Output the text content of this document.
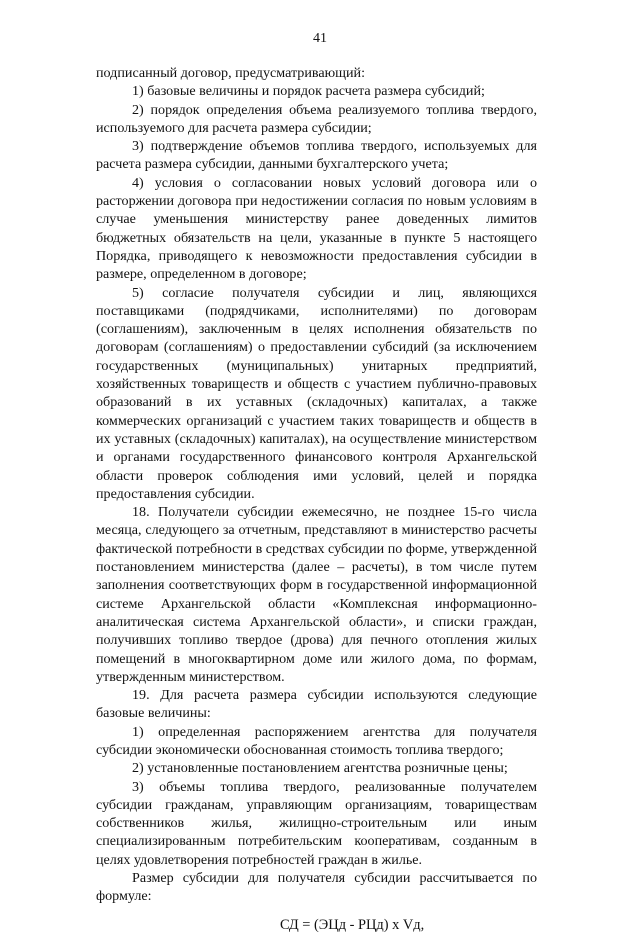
41

подписанный договор, предусматривающий:

1) базовые величины и порядок расчета размера субсидий;

2) порядок определения объема реализуемого топлива твердого, используемого для расчета размера субсидии;

3) подтверждение объемов топлива твердого, используемых для расчета размера субсидии, данными бухгалтерского учета;

4) условия о согласовании новых условий договора или о расторжении договора при недостижении согласия по новым условиям в случае уменьшения министерству ранее доведенных лимитов бюджетных обязательств на цели, указанные в пункте 5 настоящего Порядка, приводящего к невозможности предоставления субсидии в размере, определенном в договоре;

5) согласие получателя субсидии и лиц, являющихся поставщиками (подрядчиками, исполнителями) по договорам (соглашениям), заключенным в целях исполнения обязательств по договорам (соглашениям) о предоставлении субсидий (за исключением государственных (муниципальных) унитарных предприятий, хозяйственных товариществ и обществ с участием публично-правовых образований в их уставных (складочных) капиталах, а также коммерческих организаций с участием таких товариществ и обществ в их уставных (складочных) капиталах), на осуществление министерством и органами государственного финансового контроля Архангельской области проверок соблюдения ими условий, целей и порядка предоставления субсидии.

18. Получатели субсидии ежемесячно, не позднее 15-го числа месяца, следующего за отчетным, представляют в министерство расчеты фактической потребности в средствах субсидии по форме, утвержденной постановлением министерства (далее – расчеты), в том числе путем заполнения соответствующих форм в государственной информационной системе Архангельской области «Комплексная информационно-аналитическая система Архангельской области», и списки граждан, получивших топливо твердое (дрова) для печного отопления жилых помещений в многоквартирном доме или жилого дома, по формам, утвержденным министерством.

19. Для расчета размера субсидии используются следующие базовые величины:

1) определенная распоряжением агентства для получателя субсидии экономически обоснованная стоимость топлива твердого;

2) установленные постановлением агентства розничные цены;

3) объемы топлива твердого, реализованные получателем субсидии гражданам, управляющим организациям, товариществам собственников жилья, жилищно-строительным или иным специализированным потребительским кооперативам, созданным в целях удовлетворения потребностей граждан в жилье.

Размер субсидии для получателя субсидии рассчитывается по формуле:

СД = (ЭЦд - РЦд) х Vд,
